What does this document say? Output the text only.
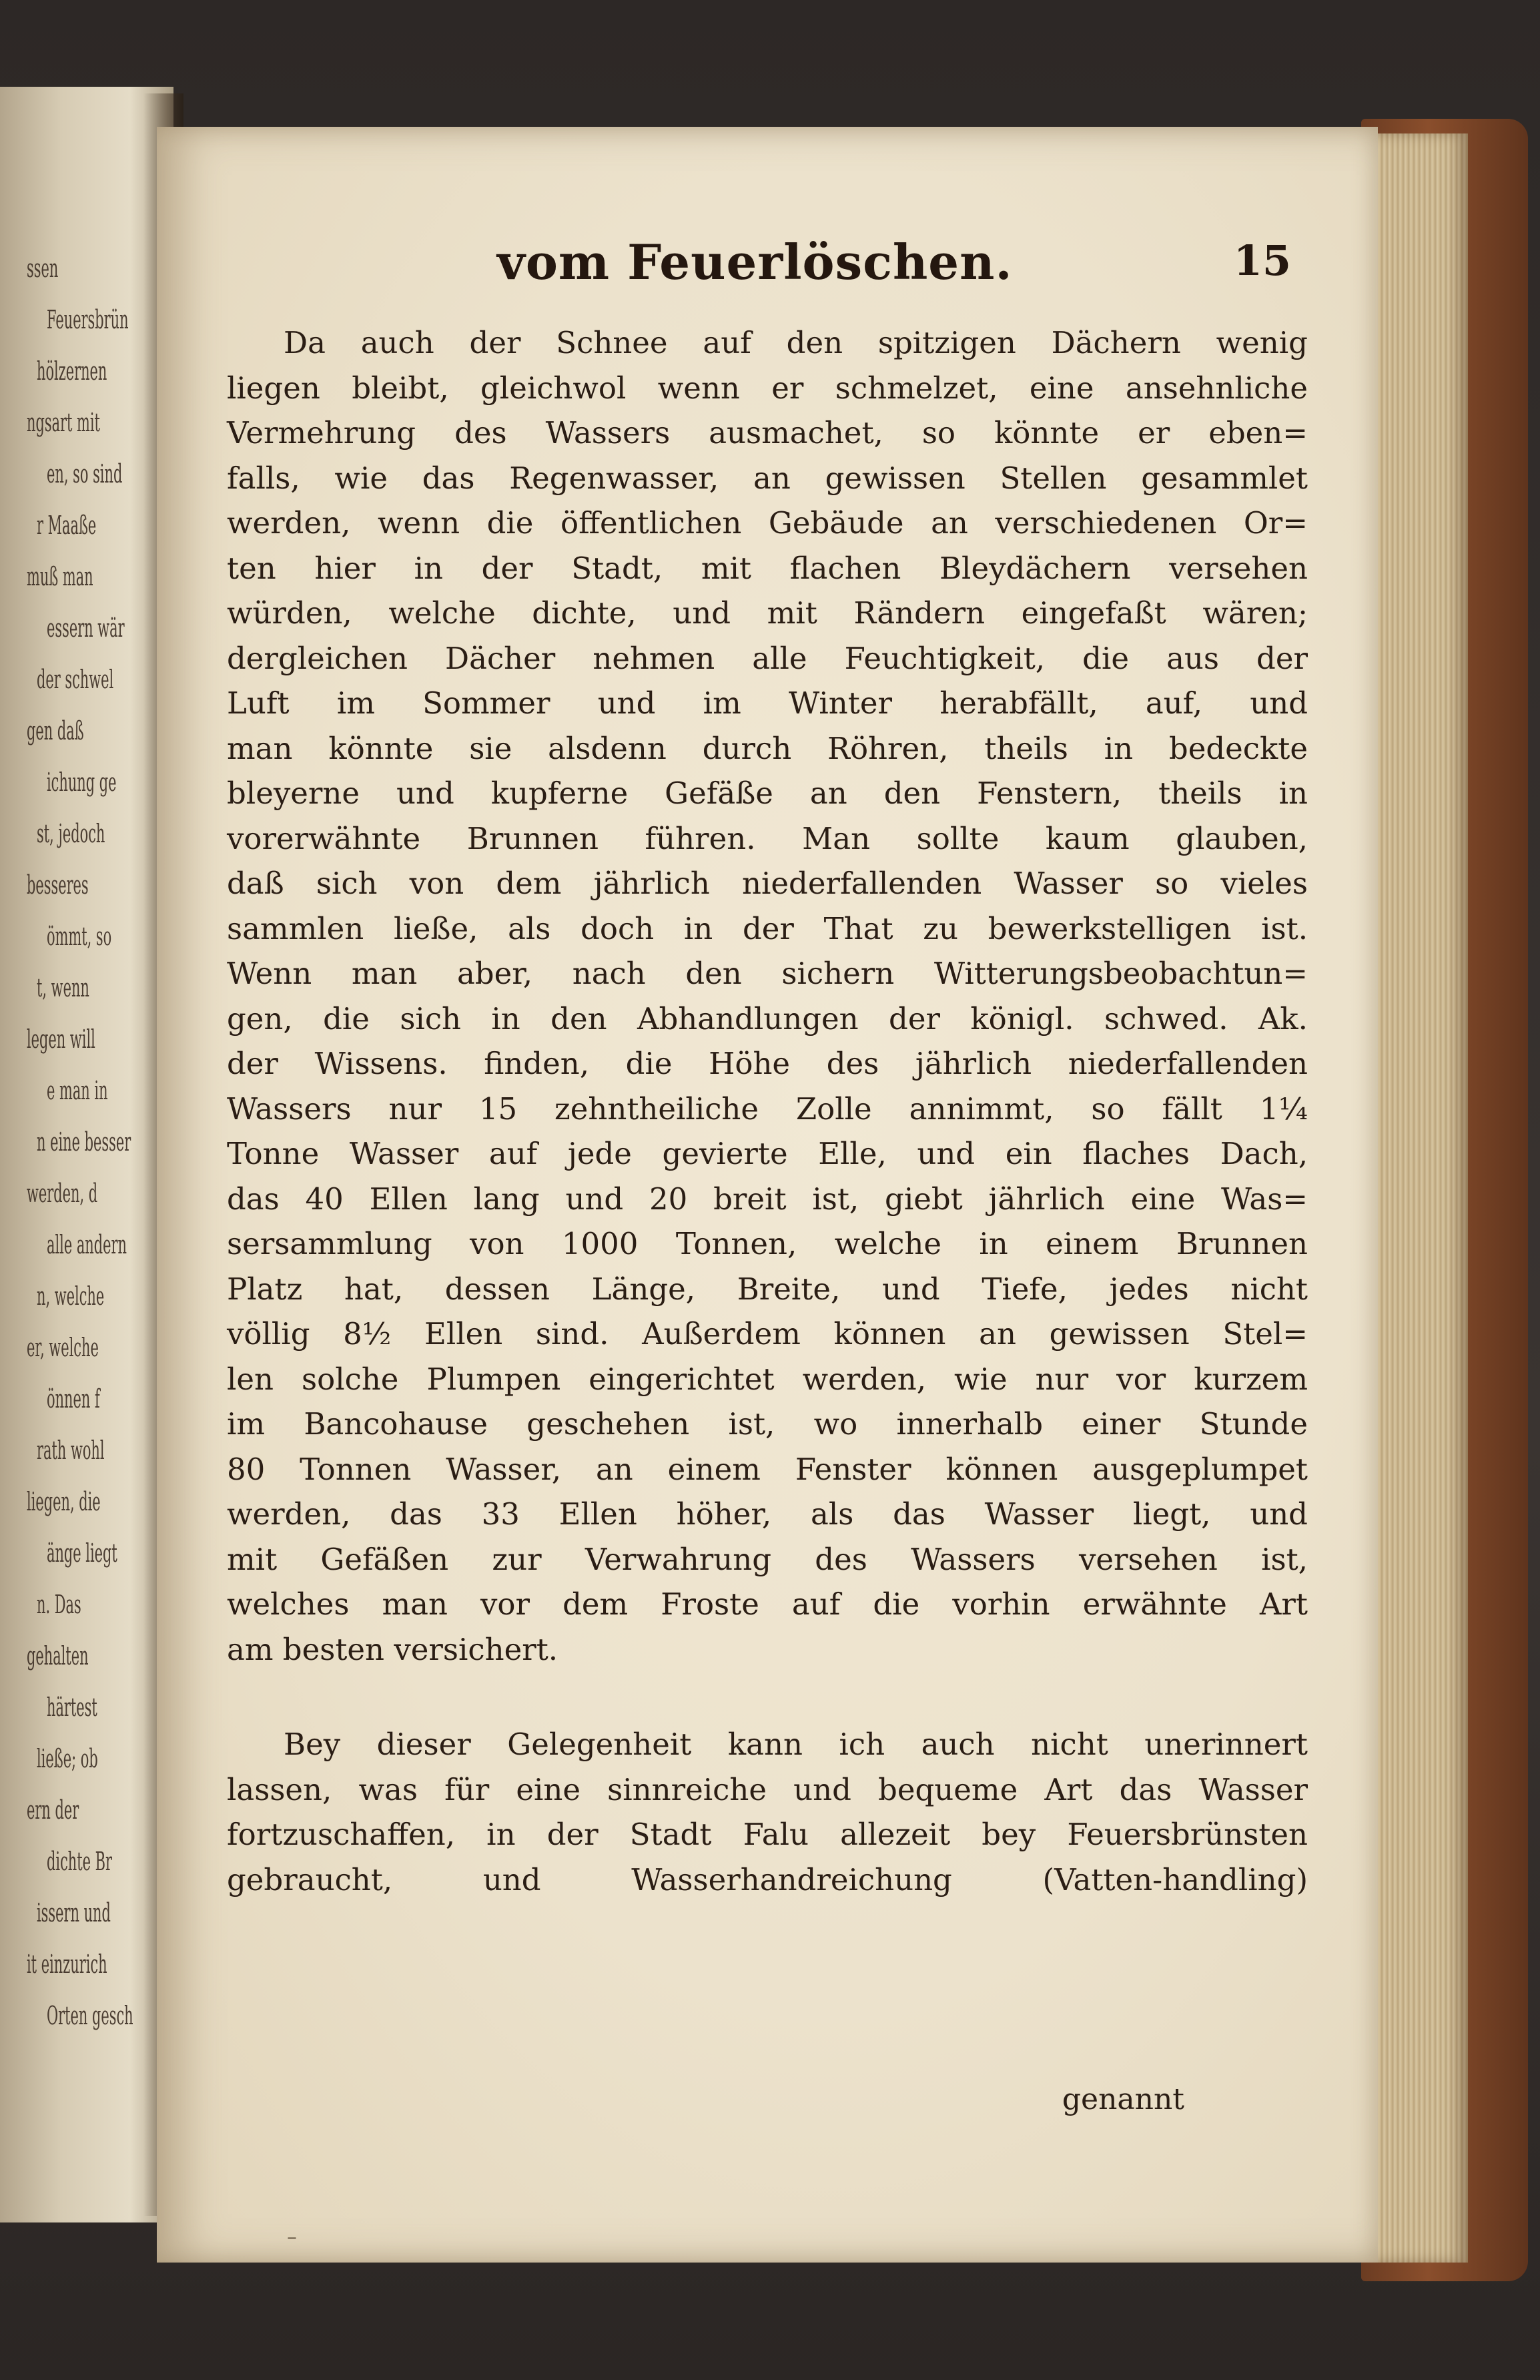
ssen
Feuersbrün
hölzernen
ngsart mit
en, so sind
r Maaße
muß man
essern wär
der schwel
gen daß
ichung ge
st, jedoch
besseres
ömmt, so
t, wenn
legen will
e man in
n eine besser
werden, d
alle andern
n, welche
er, welche
önnen f
rath wohl
liegen, die
änge liegt
n. Das
gehalten
härtest
ließe; ob
ern der
dichte Br
issern und
it einzurich
Orten gesch
vom Feuerlöschen.	15
Da auch der Schnee auf den spitzigen Dächern wenig
liegen bleibt, gleichwol wenn er schmelzet, eine ansehnliche
Vermehrung des Wassers ausmachet, so könnte er eben=
falls, wie das Regenwasser, an gewissen Stellen gesammlet
werden, wenn die öffentlichen Gebäude an verschiedenen Or=
ten hier in der Stadt, mit flachen Bleydächern versehen
würden, welche dichte, und mit Rändern eingefaßt wären;
dergleichen Dächer nehmen alle Feuchtigkeit, die aus der
Luft im Sommer und im Winter herabfällt, auf, und
man könnte sie alsdenn durch Röhren, theils in bedeckte
bleyerne und kupferne Gefäße an den Fenstern, theils in
vorerwähnte Brunnen führen. Man sollte kaum glauben,
daß sich von dem jährlich niederfallenden Wasser so vieles
sammlen ließe, als doch in der That zu bewerkstelligen ist.
Wenn man aber, nach den sichern Witterungsbeobachtun=
gen, die sich in den Abhandlungen der königl. schwed. Ak.
der Wissens. finden, die Höhe des jährlich niederfallenden
Wassers nur 15 zehntheiliche Zolle annimmt, so fällt 1¼
Tonne Wasser auf jede gevierte Elle, und ein flaches Dach,
das 40 Ellen lang und 20 breit ist, giebt jährlich eine Was=
sersammlung von 1000 Tonnen, welche in einem Brunnen
Platz hat, dessen Länge, Breite, und Tiefe, jedes nicht
völlig 8½ Ellen sind. Außerdem können an gewissen Stel=
len solche Plumpen eingerichtet werden, wie nur vor kurzem
im Bancohause geschehen ist, wo innerhalb einer Stunde
80 Tonnen Wasser, an einem Fenster können ausgeplumpet
werden, das 33 Ellen höher, als das Wasser liegt, und
mit Gefäßen zur Verwahrung des Wassers versehen ist,
welches man vor dem Froste auf die vorhin erwähnte Art
am besten versichert.
Bey dieser Gelegenheit kann ich auch nicht unerinnert
lassen, was für eine sinnreiche und bequeme Art das Wasser
fortzuschaffen, in der Stadt Falu allezeit bey Feuersbrünsten
gebraucht, und Wasserhandreichung (Vatten-handling)
genannt
–
